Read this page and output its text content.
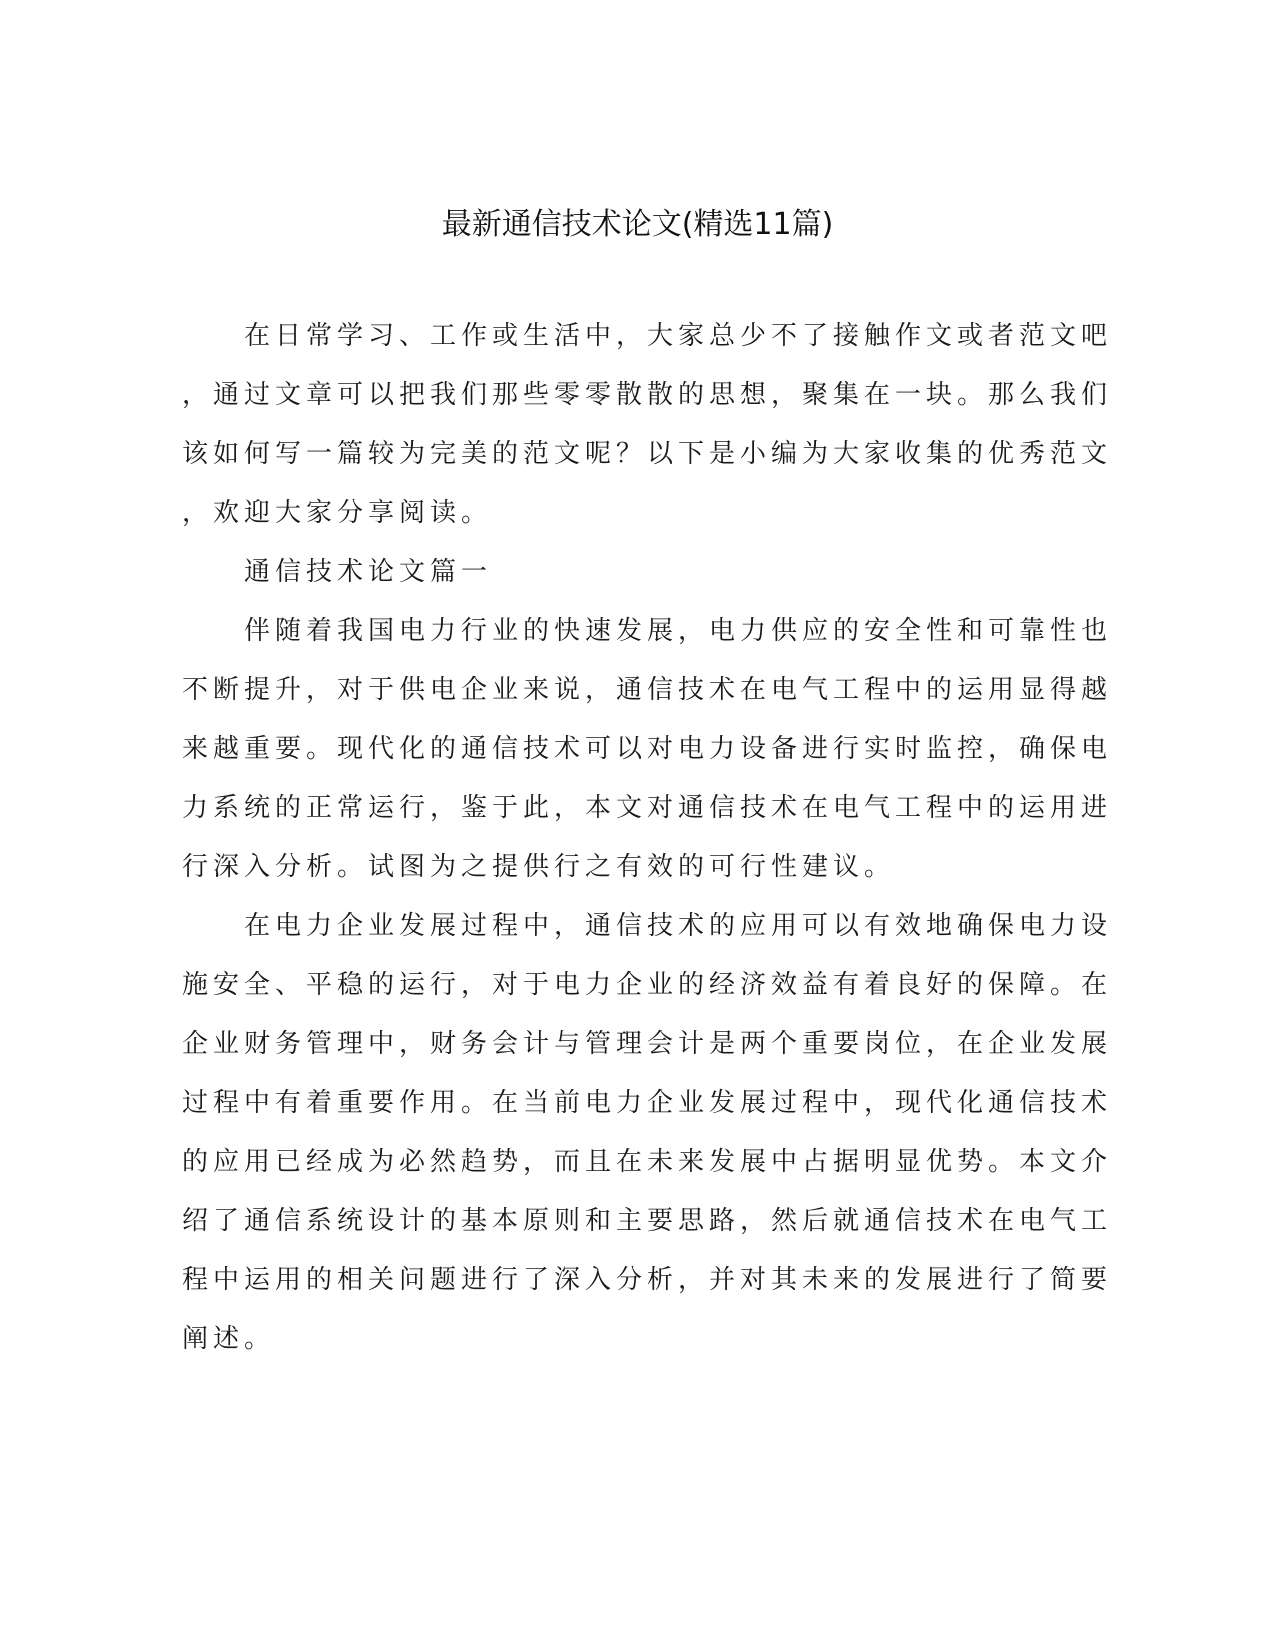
最新通信技术论文(精选11篇)
　　在日常学习、工作或生活中，大家总少不了接触作文或者范文吧
，通过文章可以把我们那些零零散散的思想，聚集在一块。那么我们
该如何写一篇较为完美的范文呢？以下是小编为大家收集的优秀范文
，欢迎大家分享阅读。
　　通信技术论文篇一
　　伴随着我国电力行业的快速发展，电力供应的安全性和可靠性也
不断提升，对于供电企业来说，通信技术在电气工程中的运用显得越
来越重要。现代化的通信技术可以对电力设备进行实时监控，确保电
力系统的正常运行，鉴于此，本文对通信技术在电气工程中的运用进
行深入分析。试图为之提供行之有效的可行性建议。
　　在电力企业发展过程中，通信技术的应用可以有效地确保电力设
施安全、平稳的运行，对于电力企业的经济效益有着良好的保障。在
企业财务管理中，财务会计与管理会计是两个重要岗位，在企业发展
过程中有着重要作用。在当前电力企业发展过程中，现代化通信技术
的应用已经成为必然趋势，而且在未来发展中占据明显优势。本文介
绍了通信系统设计的基本原则和主要思路，然后就通信技术在电气工
程中运用的相关问题进行了深入分析，并对其未来的发展进行了简要
阐述。
